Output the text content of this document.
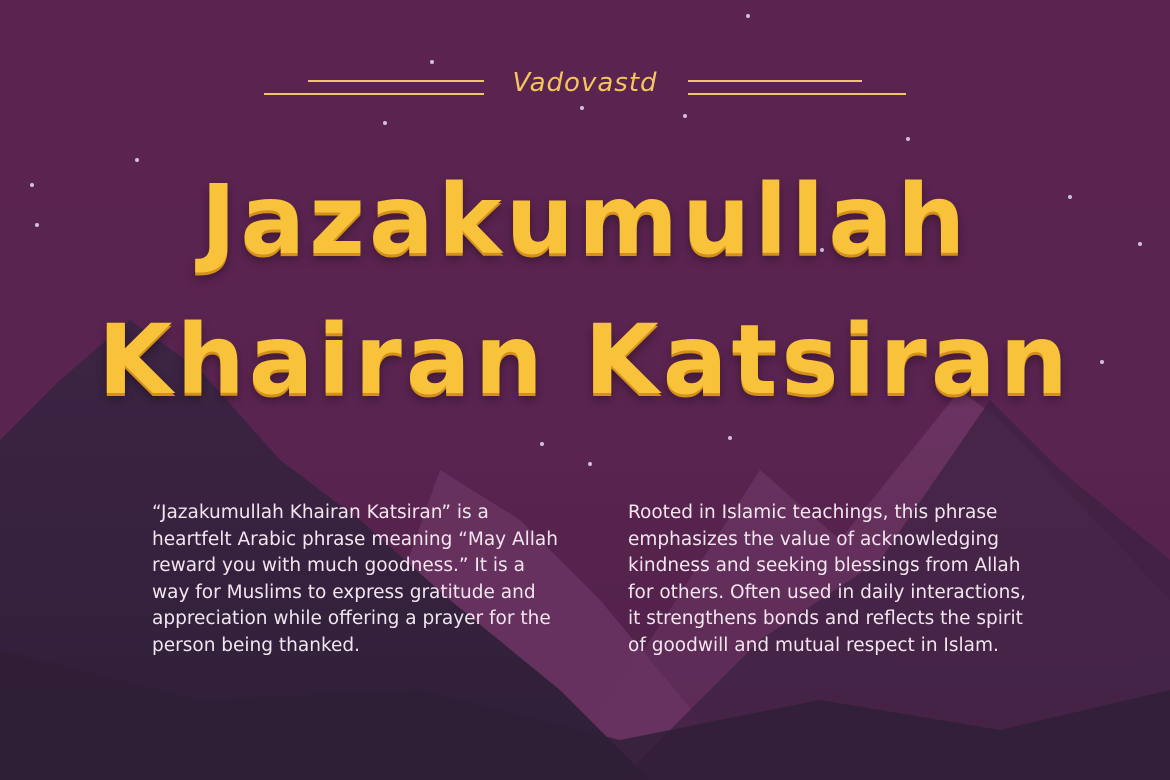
Vadovastd
Jazakumullah
Khairan Katsiran
“Jazakumullah Khairan Katsiran” is a heartfelt Arabic phrase meaning “May Allah reward you with much goodness.” It is a way for Muslims to express gratitude and appreciation while offering a prayer for the person being thanked.
Rooted in Islamic teachings, this phrase emphasizes the value of acknowledging kindness and seeking blessings from Allah for others. Often used in daily interactions, it strengthens bonds and reflects the spirit of goodwill and mutual respect in Islam.
